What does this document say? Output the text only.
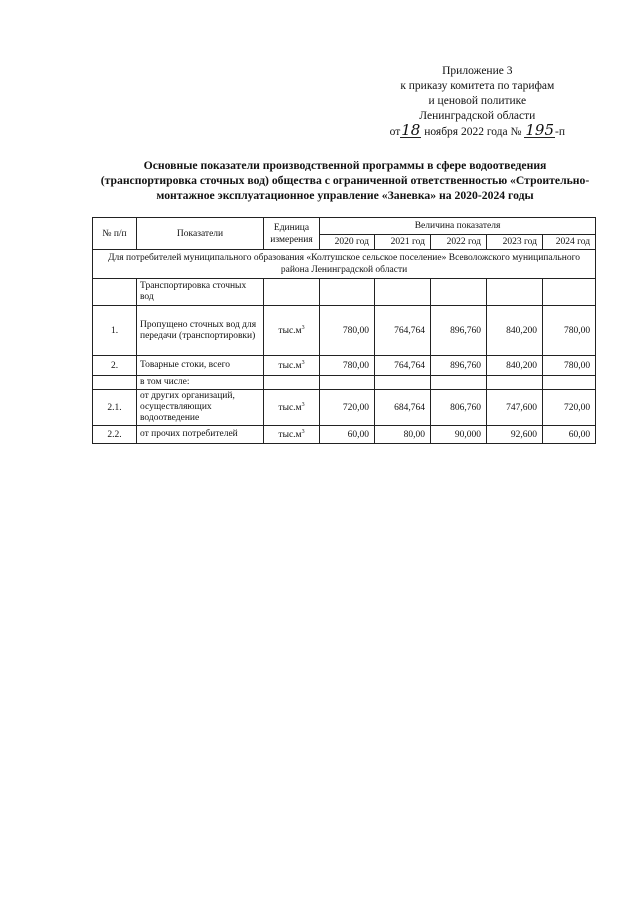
Приложение 3
к приказу комитета по тарифам
и ценовой политике
Ленинградской области
от18 ноября 2022 года № 195-п
Основные показатели производственной программы в сфере водоотведения
(транспортировка сточных вод) общества с ограниченной ответственностью «Строительно-
монтажное эксплуатационное управление «Заневка» на 2020-2024 годы
№ п/п	Показатели	Единица измерения	Величина показателя				
			2020 год	2021 год	2022 год	2023 год	2024 год
Для потребителей муниципального образования «Колтушское сельское поселение» Всеволожского муниципального района Ленинградской области							
	Транспортировка сточных вод						
1.	Пропущено сточных вод для передачи (транспортировки)	$тыс.м^3$	780,00	764,764	896,760	840,200	780,00
2.	Товарные стоки, всего	$тыс.м^3$	780,00	764,764	896,760	840,200	780,00
	в том числе:						
2.1.	от других организаций, осуществляющих водоотведение	$тыс.м^3$	720,00	684,764	806,760	747,600	720,00
2.2.	от прочих потребителей	$тыс.м^3$	60,00	80,00	90,000	92,600	60,00
